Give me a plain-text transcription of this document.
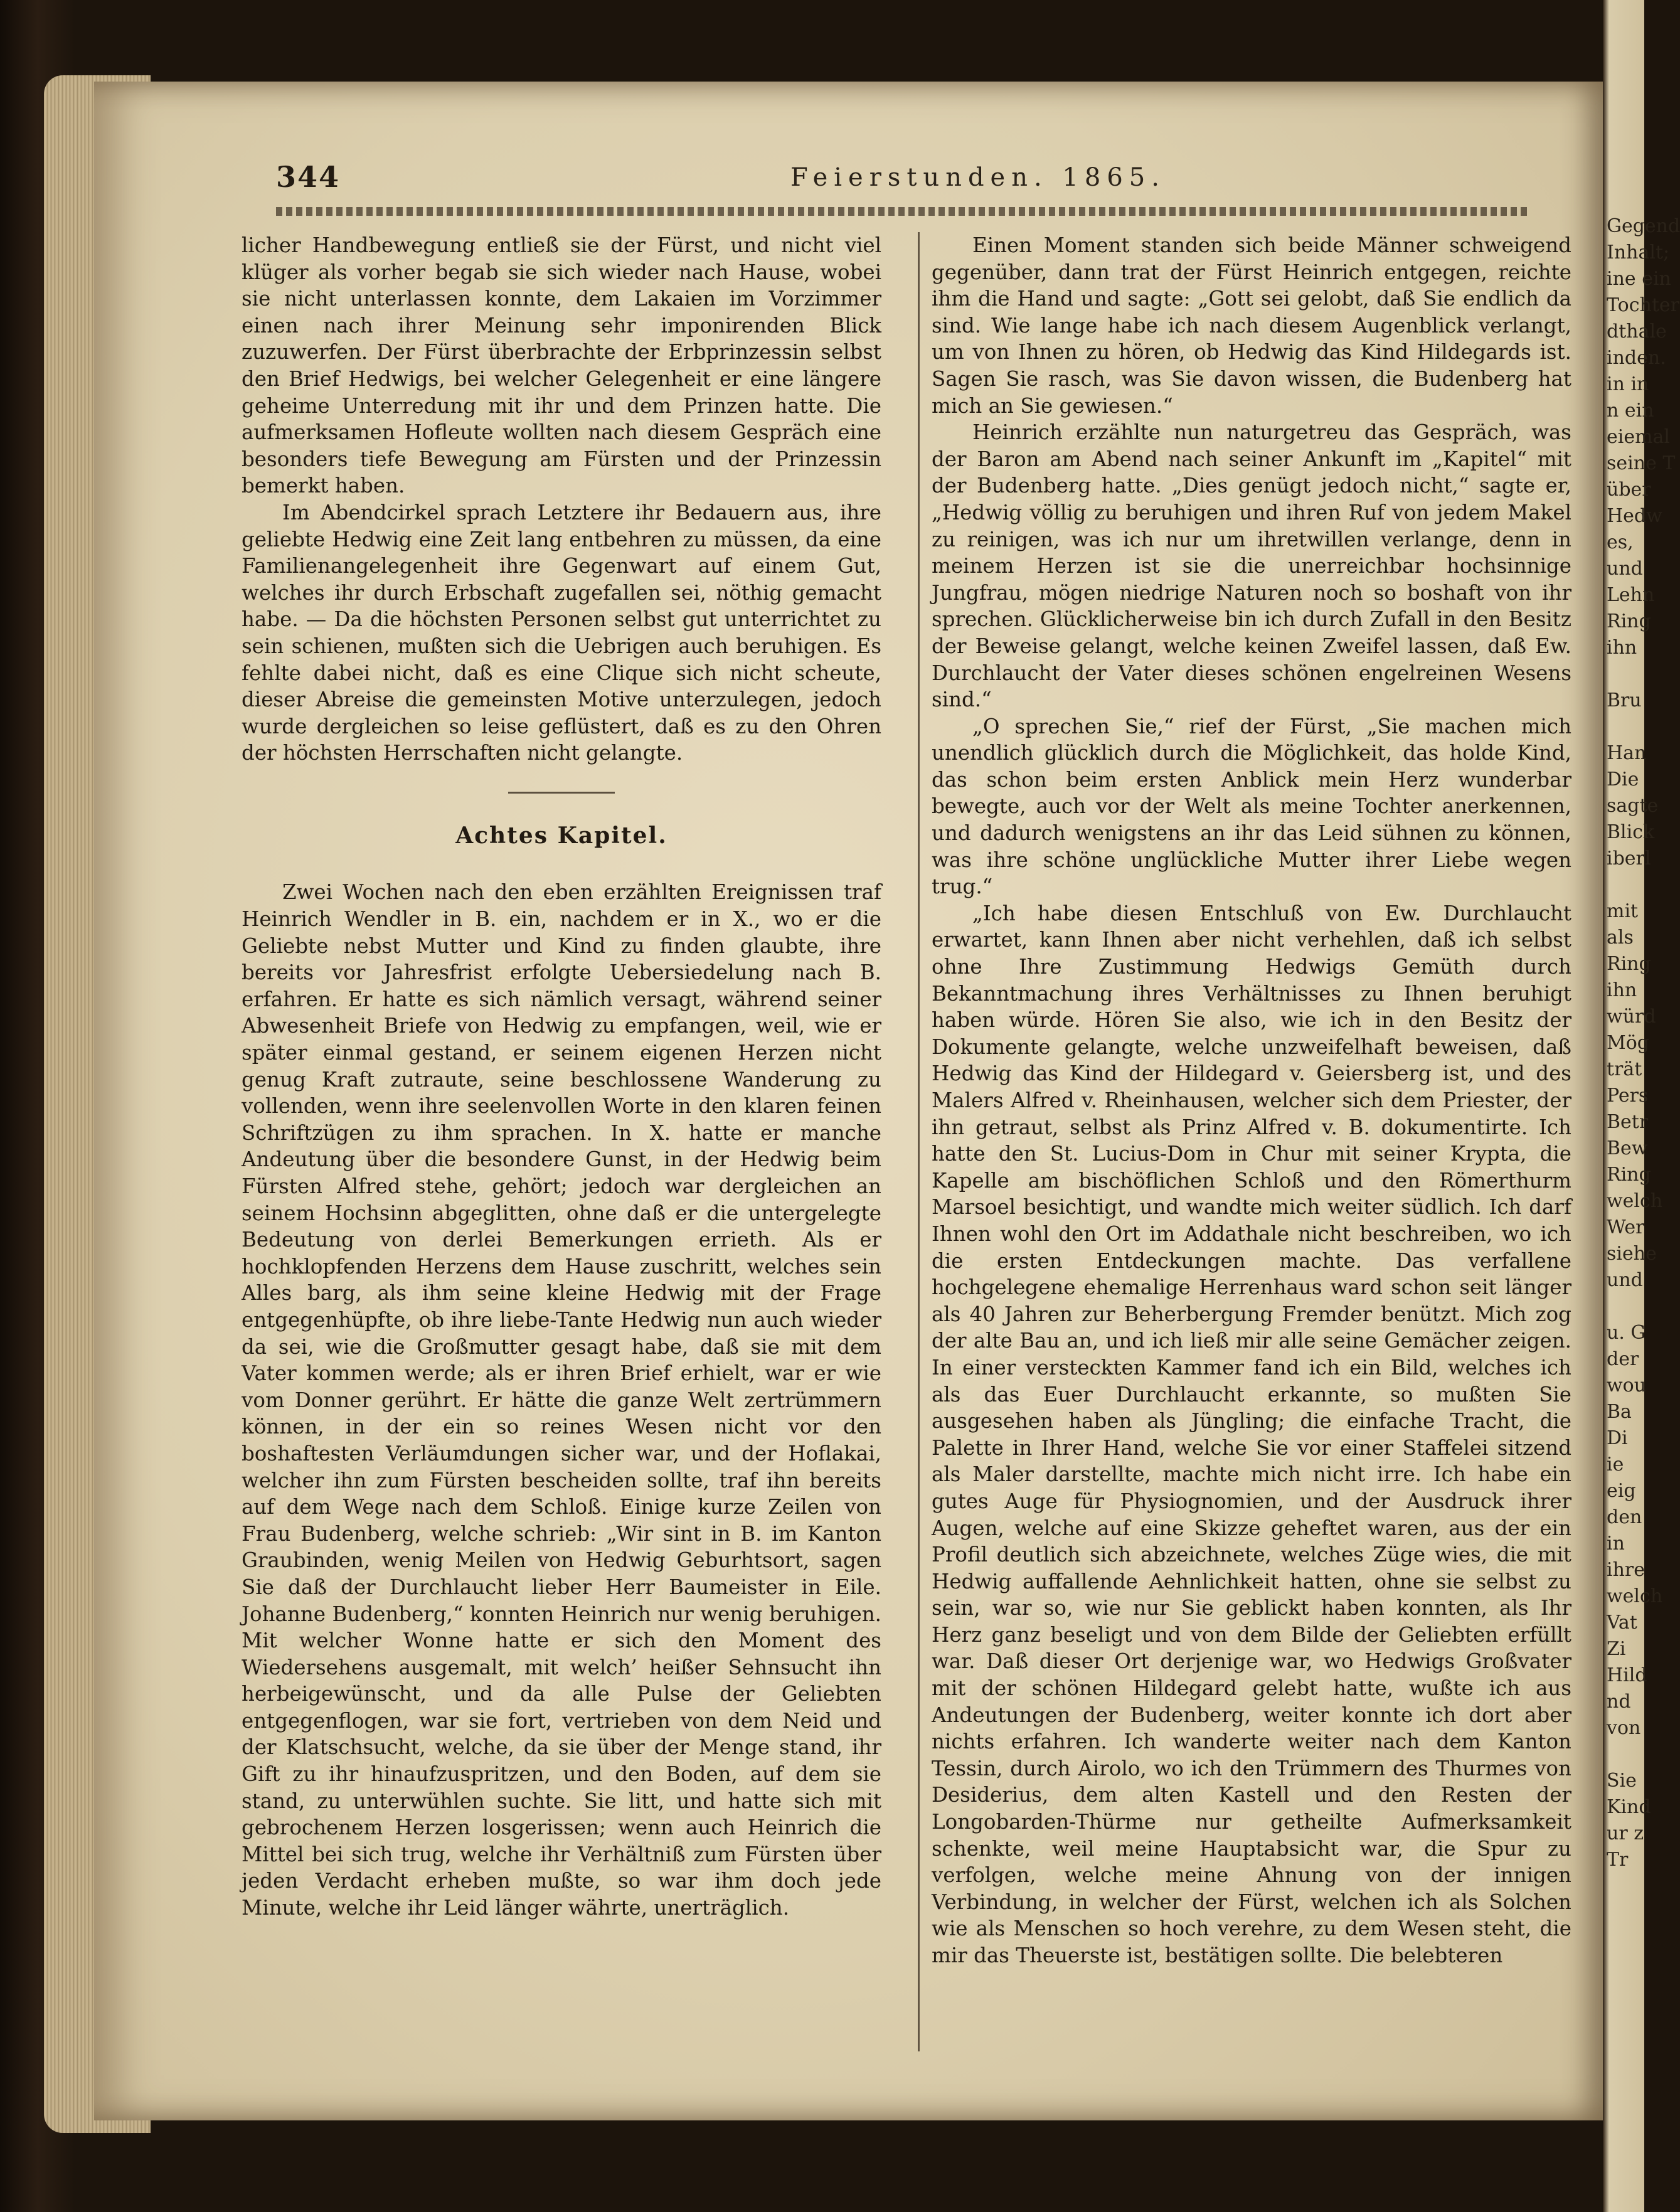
344	Feierstunden. 1865.

licher Handbewegung entließ sie der Fürst, und nicht viel klüger als vorher begab sie sich wieder nach Hause, wobei sie nicht unterlassen konnte, dem Lakaien im Vorzimmer einen nach ihrer Meinung sehr imponirenden Blick zuzuwerfen. Der Fürst überbrachte der Erbprinzessin selbst den Brief Hedwigs, bei welcher Gelegenheit er eine längere geheime Unterredung mit ihr und dem Prinzen hatte. Die aufmerksamen Hofleute wollten nach diesem Gespräch eine besonders tiefe Bewegung am Fürsten und der Prinzessin bemerkt haben.

Im Abendcirkel sprach Letztere ihr Bedauern aus, ihre geliebte Hedwig eine Zeit lang entbehren zu müssen, da eine Familienangelegenheit ihre Gegenwart auf einem Gut, welches ihr durch Erbschaft zugefallen sei, nöthig gemacht habe. — Da die höchsten Personen selbst gut unterrichtet zu sein schienen, mußten sich die Uebrigen auch beruhigen. Es fehlte dabei nicht, daß es eine Clique sich nicht scheute, dieser Abreise die gemeinsten Motive unterzulegen, jedoch wurde dergleichen so leise geflüstert, daß es zu den Ohren der höchsten Herrschaften nicht gelangte.

Achtes Kapitel.

Zwei Wochen nach den eben erzählten Ereignissen traf Heinrich Wendler in B. ein, nachdem er in X., wo er die Geliebte nebst Mutter und Kind zu finden glaubte, ihre bereits vor Jahresfrist erfolgte Uebersiedelung nach B. erfahren. Er hatte es sich nämlich versagt, während seiner Abwesenheit Briefe von Hedwig zu empfangen, weil, wie er später einmal gestand, er seinem eigenen Herzen nicht genug Kraft zutraute, seine beschlossene Wanderung zu vollenden, wenn ihre seelenvollen Worte in den klaren feinen Schriftzügen zu ihm sprachen. In X. hatte er manche Andeutung über die besondere Gunst, in der Hedwig beim Fürsten Alfred stehe, gehört; jedoch war dergleichen an seinem Hochsinn abgeglitten, ohne daß er die untergelegte Bedeutung von derlei Bemerkungen errieth. Als er hochklopfenden Herzens dem Hause zuschritt, welches sein Alles barg, als ihm seine kleine Hedwig mit der Frage entgegenhüpfte, ob ihre liebe-Tante Hedwig nun auch wieder da sei, wie die Großmutter gesagt habe, daß sie mit dem Vater kommen werde; als er ihren Brief erhielt, war er wie vom Donner gerührt. Er hätte die ganze Welt zertrümmern können, in der ein so reines Wesen nicht vor den boshaftesten Verläumdungen sicher war, und der Hoflakai, welcher ihn zum Fürsten bescheiden sollte, traf ihn bereits auf dem Wege nach dem Schloß. Einige kurze Zeilen von Frau Budenberg, welche schrieb: „Wir sint in B. im Kanton Graubinden, wenig Meilen von Hedwig Geburhtsort, sagen Sie daß der Durchlaucht lieber Herr Baumeister in Eile. Johanne Budenberg,“ konnten Heinrich nur wenig beruhigen. Mit welcher Wonne hatte er sich den Moment des Wiedersehens ausgemalt, mit welch’ heißer Sehnsucht ihn herbeigewünscht, und da alle Pulse der Geliebten entgegenflogen, war sie fort, vertrieben von dem Neid und der Klatschsucht, welche, da sie über der Menge stand, ihr Gift zu ihr hinaufzuspritzen, und den Boden, auf dem sie stand, zu unterwühlen suchte. Sie litt, und hatte sich mit gebrochenem Herzen losgerissen; wenn auch Heinrich die Mittel bei sich trug, welche ihr Verhältniß zum Fürsten über jeden Verdacht erheben mußte, so war ihm doch jede Minute, welche ihr Leid länger währte, unerträglich.

Einen Moment standen sich beide Männer schweigend gegenüber, dann trat der Fürst Heinrich entgegen, reichte ihm die Hand und sagte: „Gott sei gelobt, daß Sie endlich da sind. Wie lange habe ich nach diesem Augenblick verlangt, um von Ihnen zu hören, ob Hedwig das Kind Hildegards ist. Sagen Sie rasch, was Sie davon wissen, die Budenberg hat mich an Sie gewiesen.“

Heinrich erzählte nun naturgetreu das Gespräch, was der Baron am Abend nach seiner Ankunft im „Kapitel“ mit der Budenberg hatte. „Dies genügt jedoch nicht,“ sagte er, „Hedwig völlig zu beruhigen und ihren Ruf von jedem Makel zu reinigen, was ich nur um ihretwillen verlange, denn in meinem Herzen ist sie die unerreichbar hochsinnige Jungfrau, mögen niedrige Naturen noch so boshaft von ihr sprechen. Glücklicherweise bin ich durch Zufall in den Besitz der Beweise gelangt, welche keinen Zweifel lassen, daß Ew. Durchlaucht der Vater dieses schönen engelreinen Wesens sind.“

„O sprechen Sie,“ rief der Fürst, „Sie machen mich unendlich glücklich durch die Möglichkeit, das holde Kind, das schon beim ersten Anblick mein Herz wunderbar bewegte, auch vor der Welt als meine Tochter anerkennen, und dadurch wenigstens an ihr das Leid sühnen zu können, was ihre schöne unglückliche Mutter ihrer Liebe wegen trug.“

„Ich habe diesen Entschluß von Ew. Durchlaucht erwartet, kann Ihnen aber nicht verhehlen, daß ich selbst ohne Ihre Zustimmung Hedwigs Gemüth durch Bekanntmachung ihres Verhältnisses zu Ihnen beruhigt haben würde. Hören Sie also, wie ich in den Besitz der Dokumente gelangte, welche unzweifelhaft beweisen, daß Hedwig das Kind der Hildegard v. Geiersberg ist, und des Malers Alfred v. Rheinhausen, welcher sich dem Priester, der ihn getraut, selbst als Prinz Alfred v. B. dokumentirte. Ich hatte den St. Lucius-Dom in Chur mit seiner Krypta, die Kapelle am bischöflichen Schloß und den Römerthurm Marsoel besichtigt, und wandte mich weiter südlich. Ich darf Ihnen wohl den Ort im Addathale nicht beschreiben, wo ich die ersten Entdeckungen machte. Das verfallene hochgelegene ehemalige Herrenhaus ward schon seit länger als 40 Jahren zur Beherbergung Fremder benützt. Mich zog der alte Bau an, und ich ließ mir alle seine Gemächer zeigen. In einer versteckten Kammer fand ich ein Bild, welches ich als das Euer Durchlaucht erkannte, so mußten Sie ausgesehen haben als Jüngling; die einfache Tracht, die Palette in Ihrer Hand, welche Sie vor einer Staffelei sitzend als Maler darstellte, machte mich nicht irre. Ich habe ein gutes Auge für Physiognomien, und der Ausdruck ihrer Augen, welche auf eine Skizze geheftet waren, aus der ein Profil deutlich sich abzeichnete, welches Züge wies, die mit Hedwig auffallende Aehnlichkeit hatten, ohne sie selbst zu sein, war so, wie nur Sie geblickt haben konnten, als Ihr Herz ganz beseligt und von dem Bilde der Geliebten erfüllt war. Daß dieser Ort derjenige war, wo Hedwigs Großvater mit der schönen Hildegard gelebt hatte, wußte ich aus Andeutungen der Budenberg, weiter konnte ich dort aber nichts erfahren. Ich wanderte weiter nach dem Kanton Tessin, durch Airolo, wo ich den Trümmern des Thurmes von Desiderius, dem alten Kastell und den Resten der Longobarden-Thürme nur getheilte Aufmerksamkeit schenkte, weil meine Hauptabsicht war, die Spur zu verfolgen, welche meine Ahnung von der innigen Verbindung, in welcher der Fürst, welchen ich als Solchen wie als Menschen so hoch verehre, zu dem Wesen steht, die mir das Theuerste ist, bestätigen sollte. Die belebteren

Gegend
Inhalt;
ine ein
Tochter
dthale
inden.
in in
n ein
eiemal
seine T
über
Hedw
es,
und
Lehn
Ring
ihn

Bru

Han
Die
sagte
Blick
iberl

mit
als
Ring
ihn
würd
Mög
trät
Pers
Betr
Bew
Ring
welch
Wer
siehe
und

u. G
der
wou
Ba
Di
ie
eig
den
in
ihre
welch
Vat
Zi
Hild
nd
von

Sie
Kind
ur z
Tr
